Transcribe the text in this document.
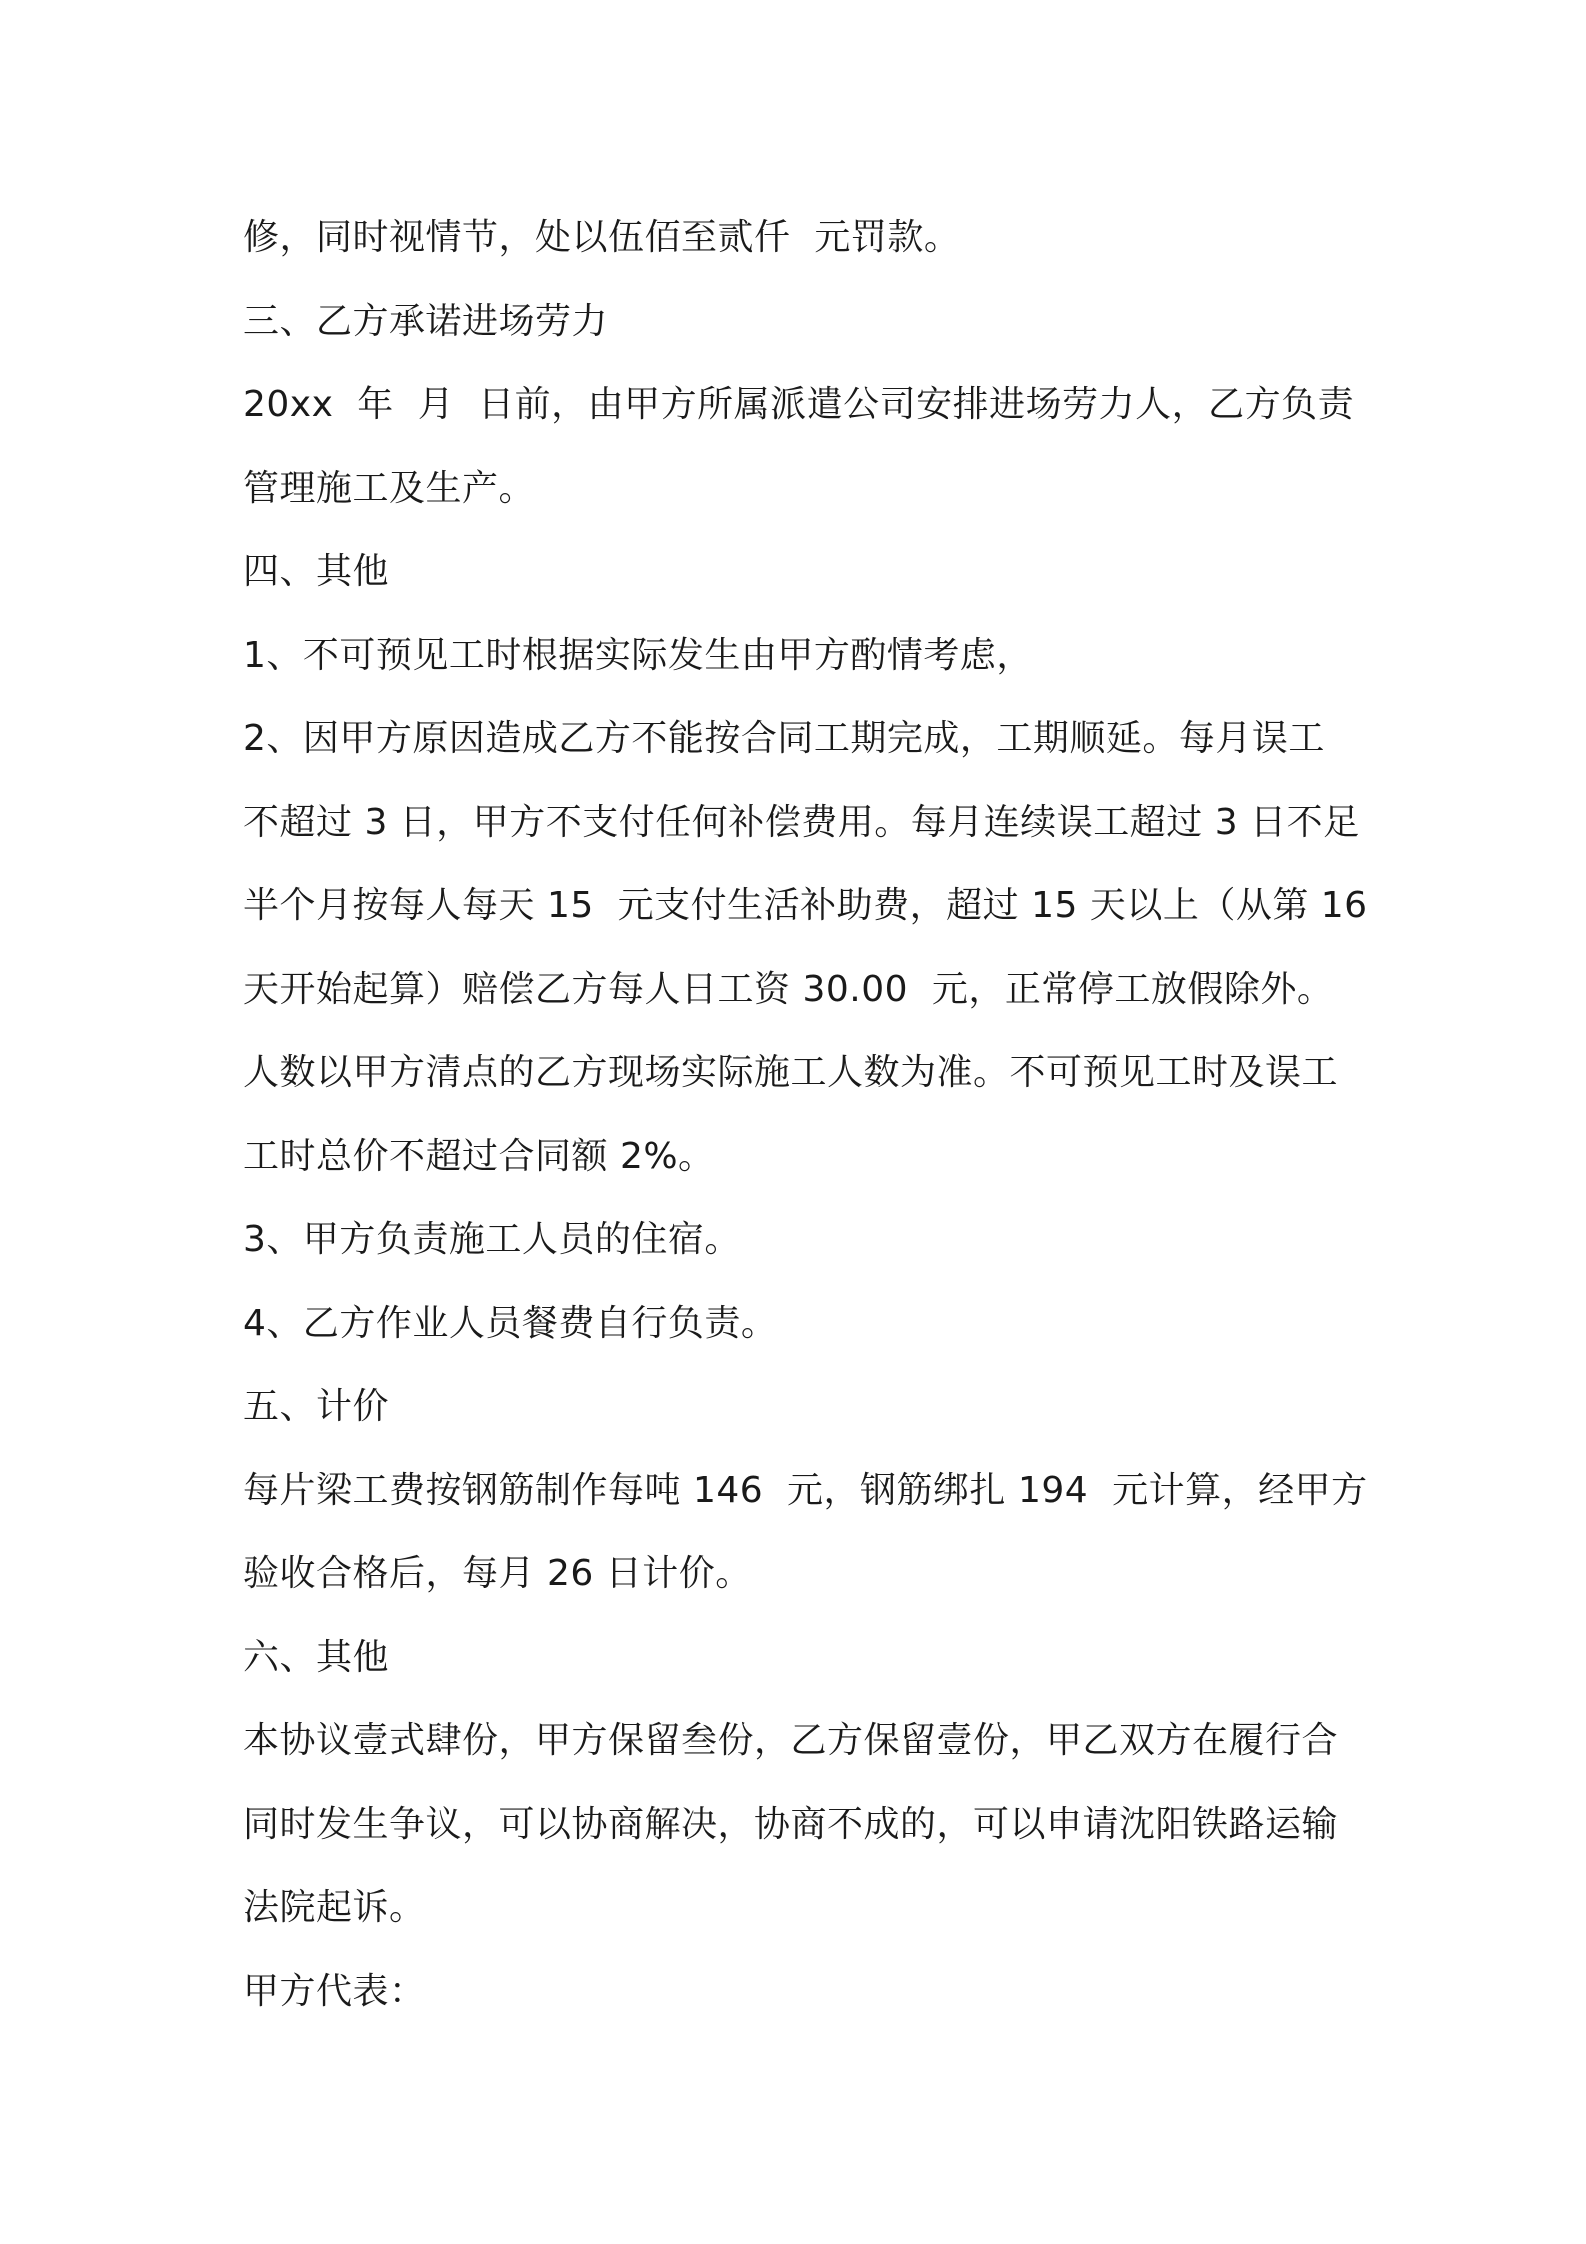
修，同时视情节，处以伍佰至贰仟  元罚款。
三、乙方承诺进场劳力
20xx  年  月  日前，由甲方所属派遣公司安排进场劳力人，乙方负责
管理施工及生产。
四、其他
1、不可预见工时根据实际发生由甲方酌情考虑，
2、因甲方原因造成乙方不能按合同工期完成，工期顺延。每月误工
不超过 3 日，甲方不支付任何补偿费用。每月连续误工超过 3 日不足
半个月按每人每天 15  元支付生活补助费，超过 15 天以上（从第 16
天开始起算）赔偿乙方每人日工资 30.00  元，正常停工放假除外。
人数以甲方清点的乙方现场实际施工人数为准。不可预见工时及误工
工时总价不超过合同额 2%。
3、甲方负责施工人员的住宿。
4、乙方作业人员餐费自行负责。
五、计价
每片梁工费按钢筋制作每吨 146  元，钢筋绑扎 194  元计算，经甲方
验收合格后，每月 26 日计价。
六、其他
本协议壹式肆份，甲方保留叁份，乙方保留壹份，甲乙双方在履行合
同时发生争议，可以协商解决，协商不成的，可以申请沈阳铁路运输
法院起诉。
甲方代表：
